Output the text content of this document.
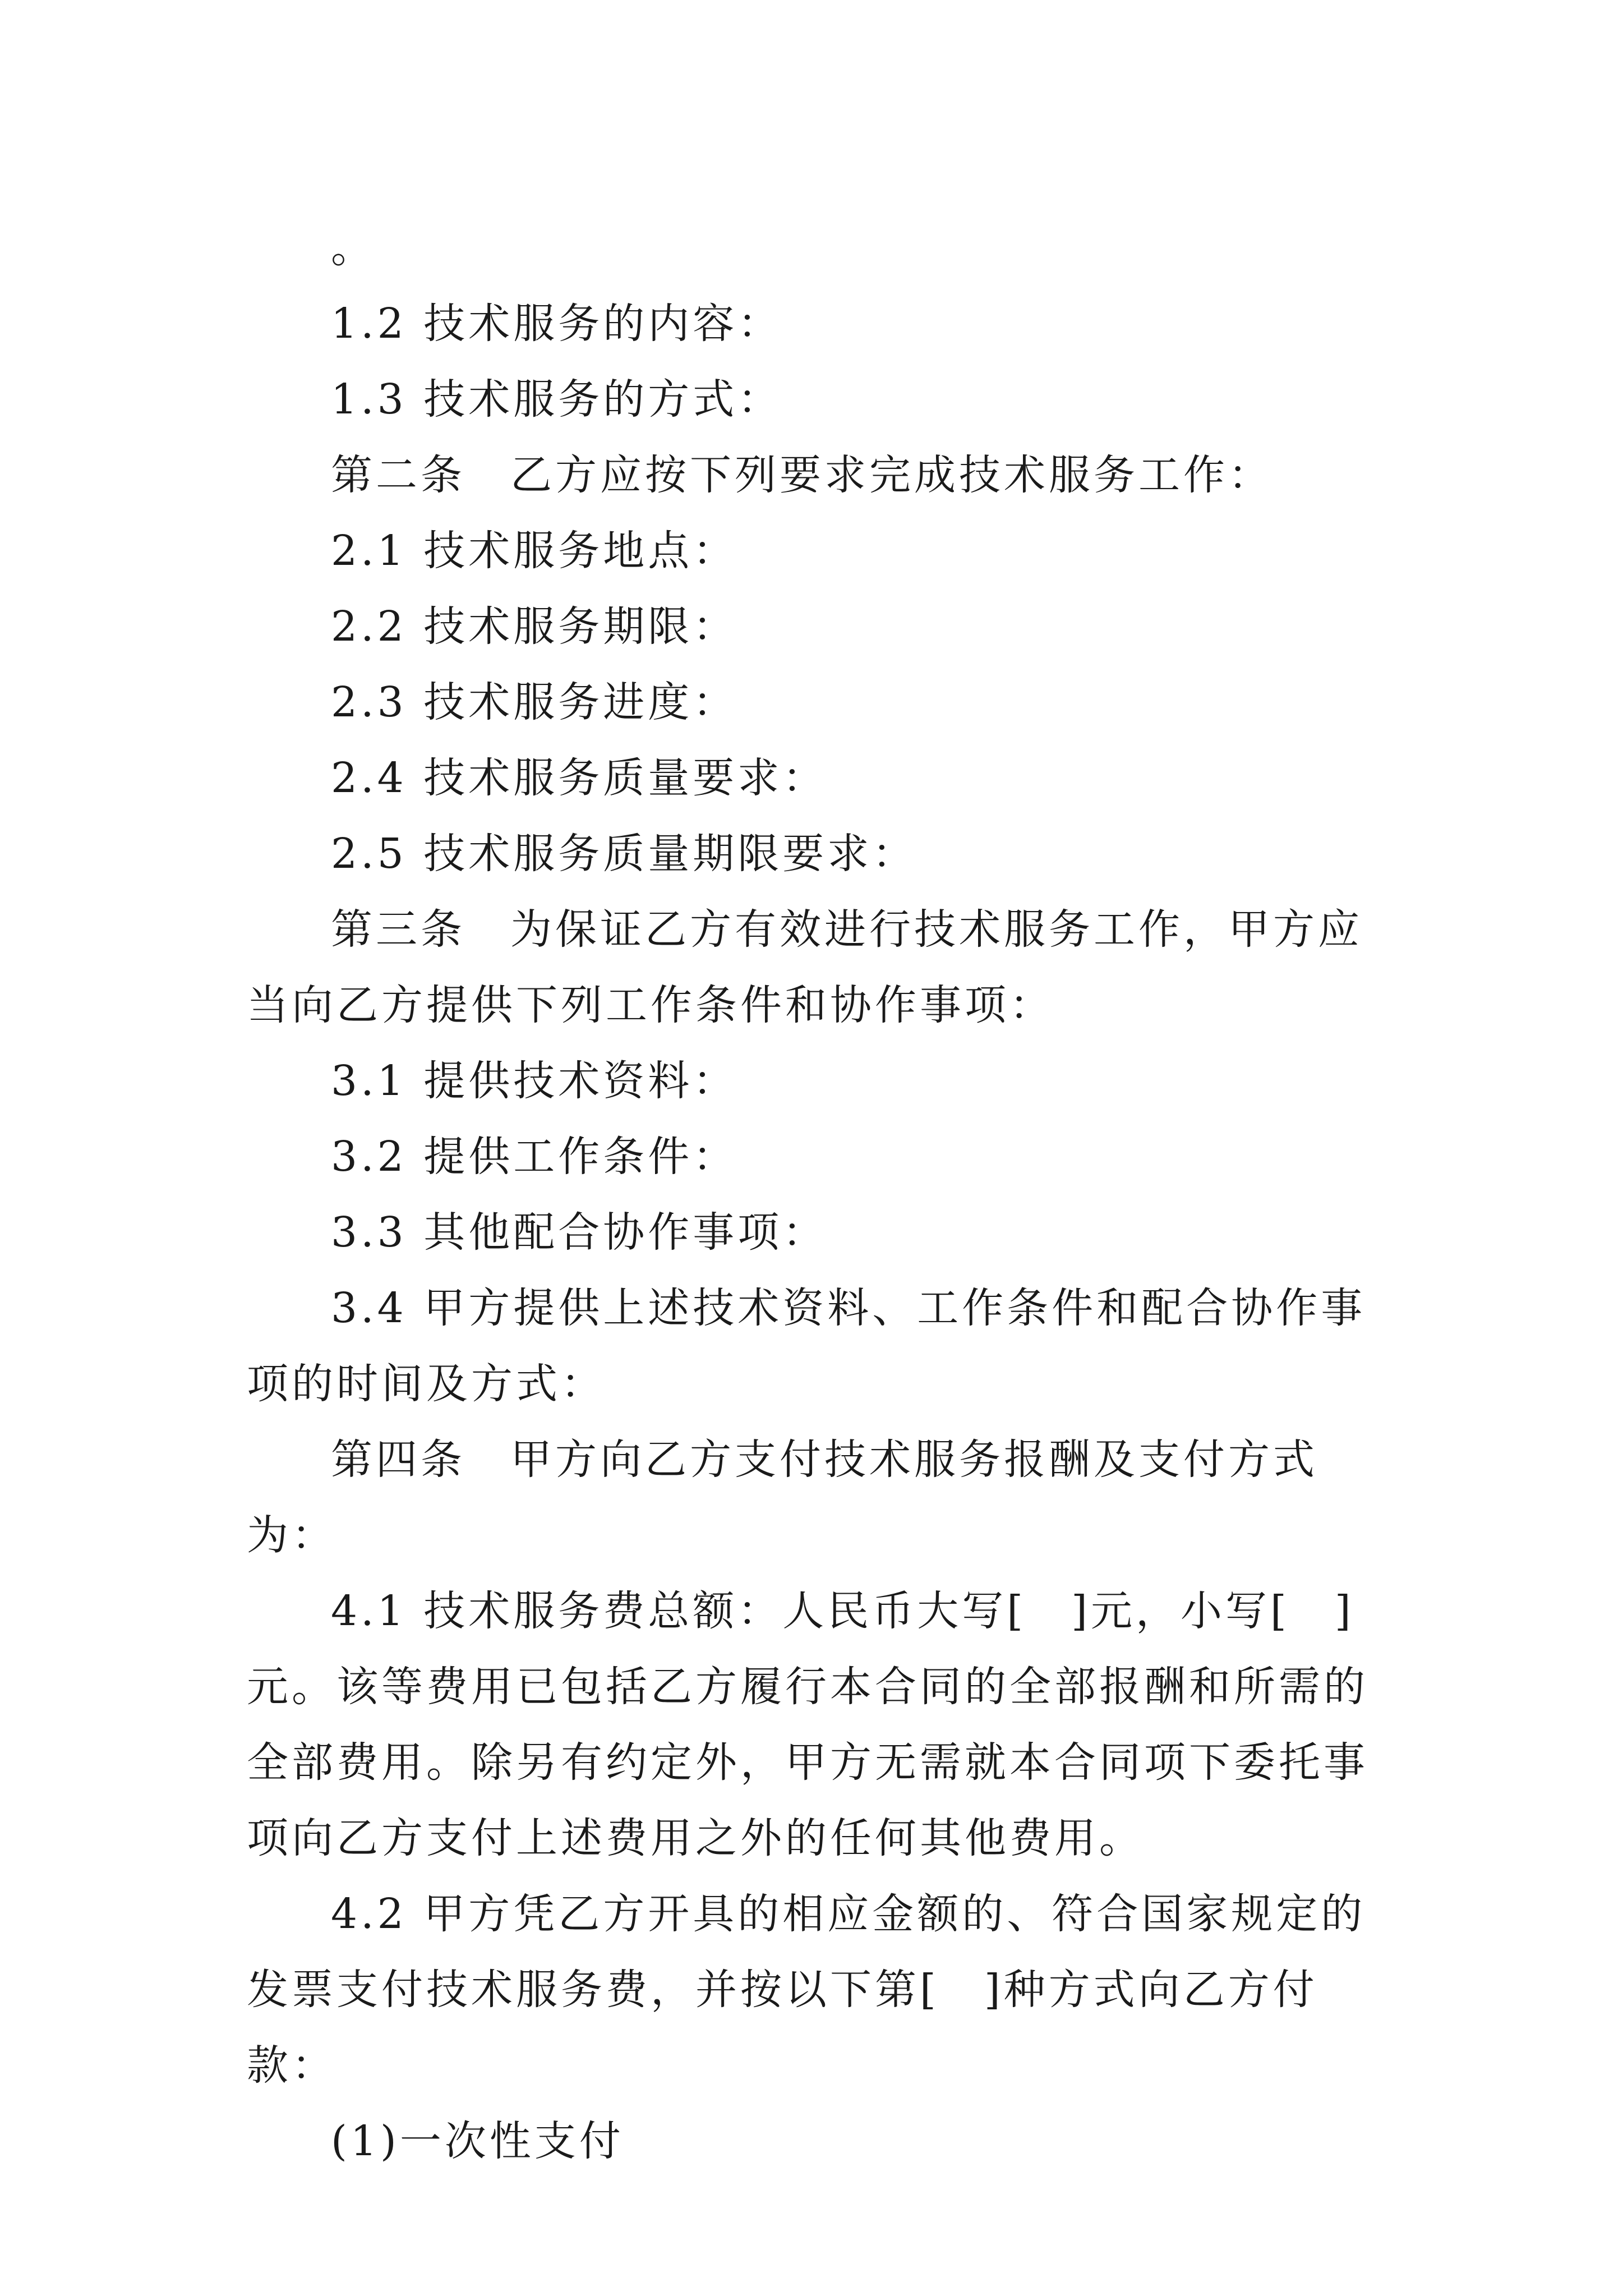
。

1.2 技术服务的内容：

1.3 技术服务的方式：

第二条　乙方应按下列要求完成技术服务工作：

2.1 技术服务地点：

2.2 技术服务期限：

2.3 技术服务进度：

2.4 技术服务质量要求：

2.5 技术服务质量期限要求：

第三条　为保证乙方有效进行技术服务工作，甲方应当向乙方提供下列工作条件和协作事项：

3.1 提供技术资料：

3.2 提供工作条件：

3.3 其他配合协作事项：

3.4 甲方提供上述技术资料、工作条件和配合协作事项的时间及方式：

第四条　甲方向乙方支付技术服务报酬及支付方式为：

4.1 技术服务费总额：人民币大写[　]元，小写[　]元。该等费用已包括乙方履行本合同的全部报酬和所需的全部费用。除另有约定外，甲方无需就本合同项下委托事项向乙方支付上述费用之外的任何其他费用。

4.2 甲方凭乙方开具的相应金额的、符合国家规定的发票支付技术服务费，并按以下第[　]种方式向乙方付款：

(1)一次性支付
